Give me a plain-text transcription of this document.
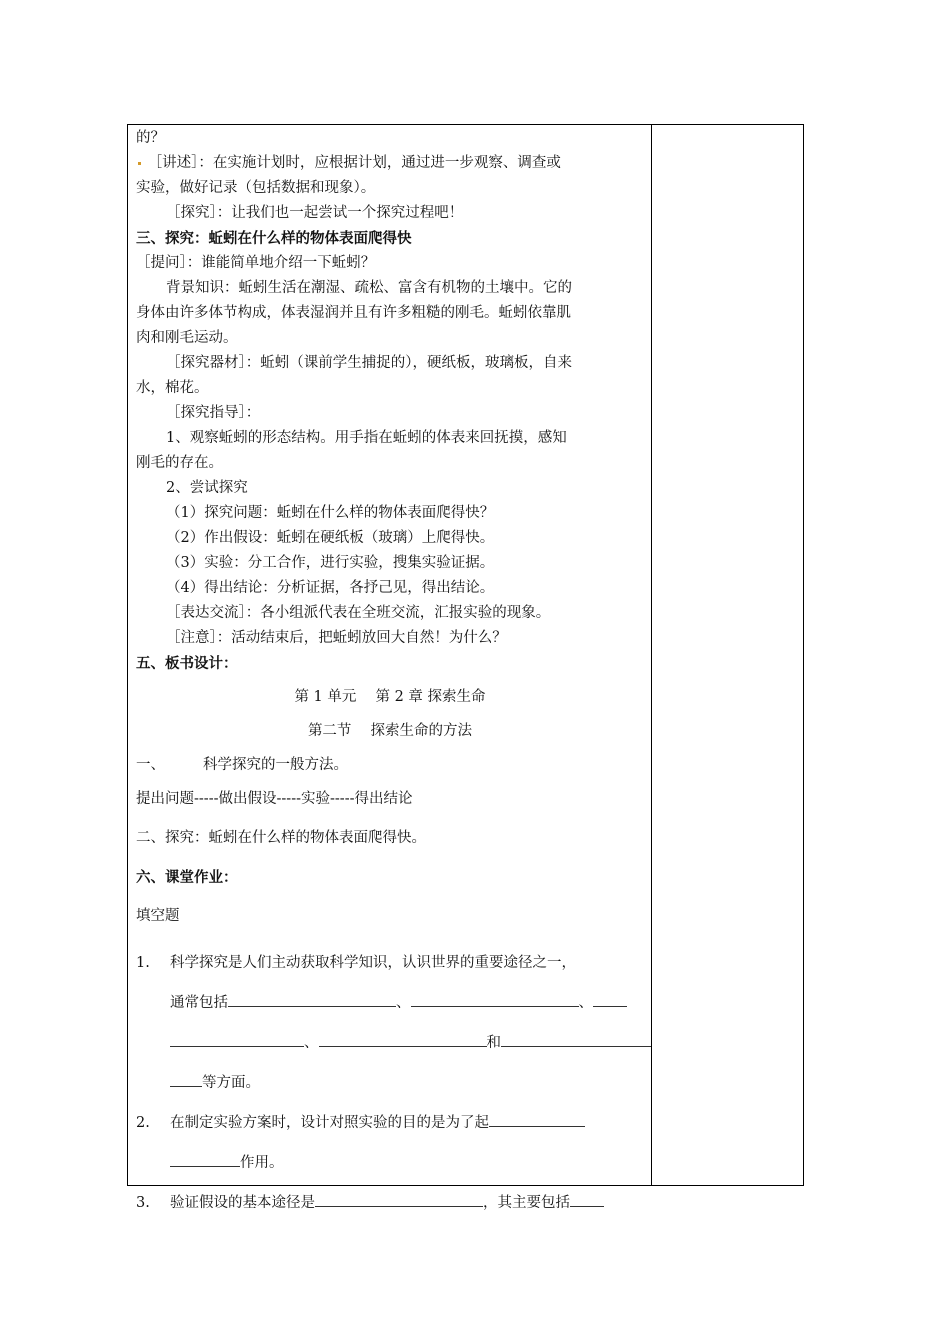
的？

［讲述］：在实施计划时，应根据计划，通过进一步观察、调查或

实验，做好记录（包括数据和现象）。

［探究］：让我们也一起尝试一个探究过程吧！

三、探究：蚯蚓在什么样的物体表面爬得快

［提问］：谁能简单地介绍一下蚯蚓？

背景知识：蚯蚓生活在潮湿、疏松、富含有机物的土壤中。它的

身体由许多体节构成，体表湿润并且有许多粗糙的刚毛。蚯蚓依靠肌

肉和刚毛运动。

［探究器材］：蚯蚓（课前学生捕捉的），硬纸板，玻璃板，自来

水，棉花。

［探究指导］：

1、观察蚯蚓的形态结构。用手指在蚯蚓的体表来回抚摸，感知

刚毛的存在。

2、尝试探究

（1）探究问题：蚯蚓在什么样的物体表面爬得快？

（2）作出假设：蚯蚓在硬纸板（玻璃）上爬得快。

（3）实验：分工合作，进行实验，搜集实验证据。

（4）得出结论：分析证据，各抒己见，得出结论。

［表达交流］：各小组派代表在全班交流，汇报实验的现象。

［注意］：活动结束后，把蚯蚓放回大自然！为什么？

五、板书设计：

第 1 单元　 第 2 章 探索生命

第二节　 探索生命的方法

一、	科学探究的一般方法。

提出问题-----做出假设-----实验-----得出结论

二、探究：蚯蚓在什么样的物体表面爬得快。

六、课堂作业：

填空题

1.	科学探究是人们主动获取科学知识，认识世界的重要途径之一，
通常包括	、	、
、	和
等方面。
2.	在制定实验方案时，设计对照实验的目的是为了起
作用。
3.	验证假设的基本途径是	，其主要包括
